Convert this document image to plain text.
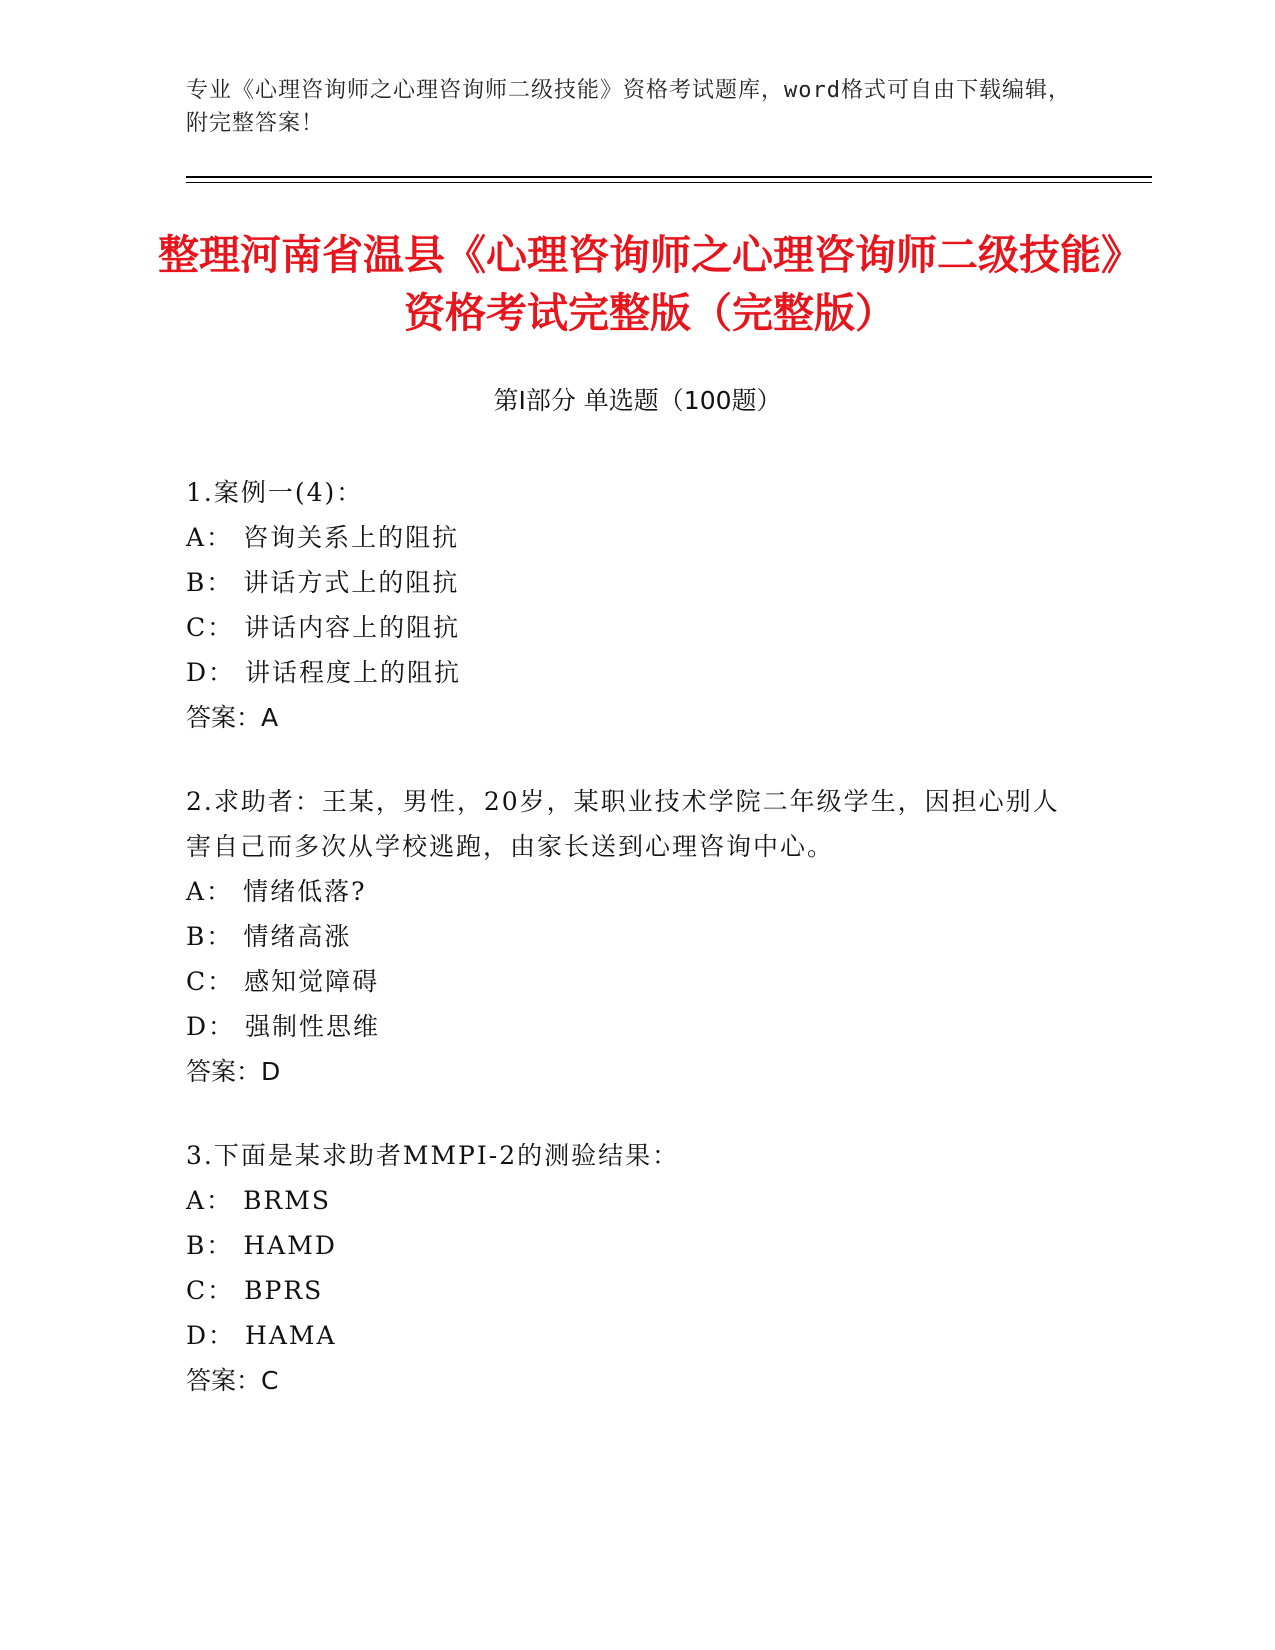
专业《心理咨询师之心理咨询师二级技能》资格考试题库，word格式可自由下载编辑，附完整答案！
整理河南省温县《心理咨询师之心理咨询师二级技能》资格考试完整版（完整版）
第I部分 单选题（100题）

1.案例一(4)：

A： 咨询关系上的阻抗

B： 讲话方式上的阻抗

C： 讲话内容上的阻抗

D： 讲话程度上的阻抗

答案：A

2.求助者：王某，男性，20岁，某职业技术学院二年级学生，因担心别人害自己而多次从学校逃跑，由家长送到心理咨询中心。

A： 情绪低落?

B： 情绪高涨

C： 感知觉障碍

D： 强制性思维

答案：D

3.下面是某求助者MMPI-2的测验结果：

A： BRMS

B： HAMD

C： BPRS

D： HAMA

答案：C
